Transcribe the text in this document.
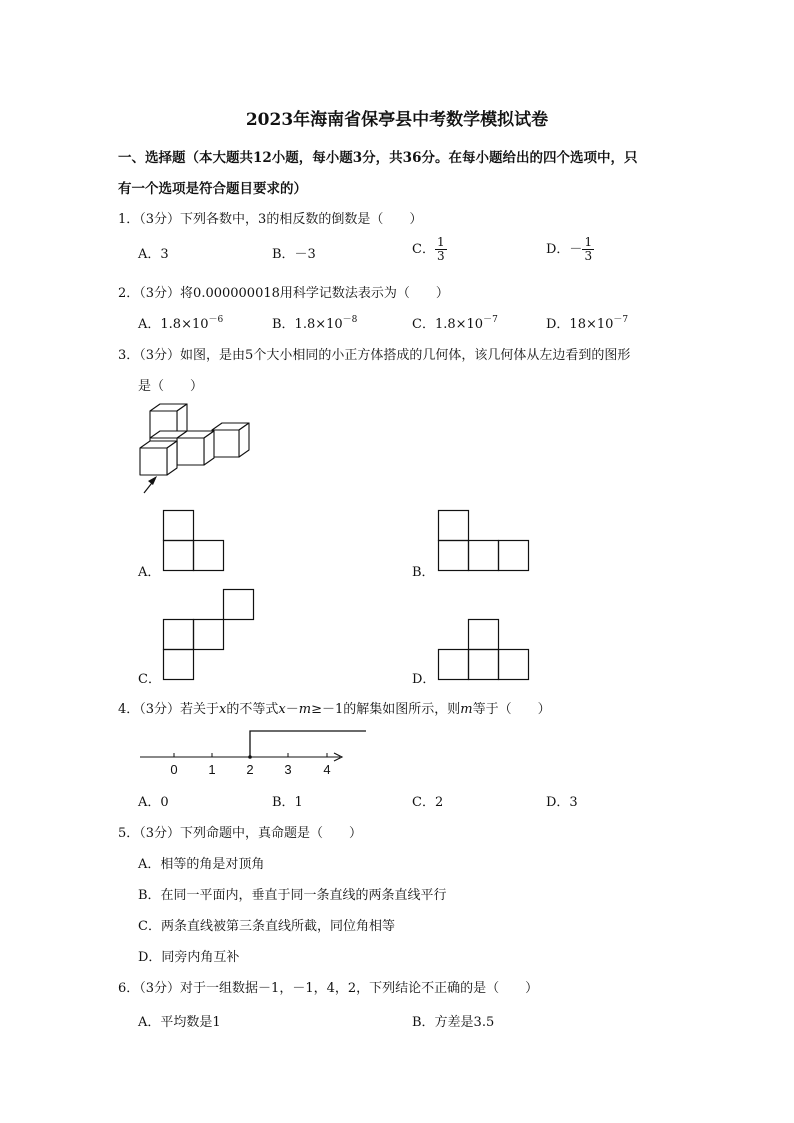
2023年海南省保亭县中考数学模拟试卷
一、选择题（本大题共12小题，每小题3分，共36分。在每小题给出的四个选项中，只
有一个选项是符合题目要求的）
1．（3分）下列各数中，3的相反数的倒数是（　　）
A．3	B．－3	C． $\frac{1}{3}$	D．－ $\frac{1}{3}$
2．（3分）将0.000000018用科学记数法表示为（　　）
A．$1.8\times 10^{-6}$	B．$1.8\times 10^{-8}$	C．$1.8\times 10^{-7}$	D．$18\times 10^{-7}$
3．（3分）如图，是由5个大小相同的小正方体搭成的几何体，该几何体从左边看到的图形
是（　　）
A．	B．
C．	D．
4．（3分）若关于x的不等式x－m≥－1的解集如图所示，则m等于（　　）
0 1 2 3 4
A．0	B．1	C．2	D．3
5．（3分）下列命题中，真命题是（　　）
A．相等的角是对顶角
B．在同一平面内，垂直于同一条直线的两条直线平行
C．两条直线被第三条直线所截，同位角相等
D．同旁内角互补
6．（3分）对于一组数据－1，－1，4，2，下列结论不正确的是（　　）
A．平均数是1	B．方差是3.5
